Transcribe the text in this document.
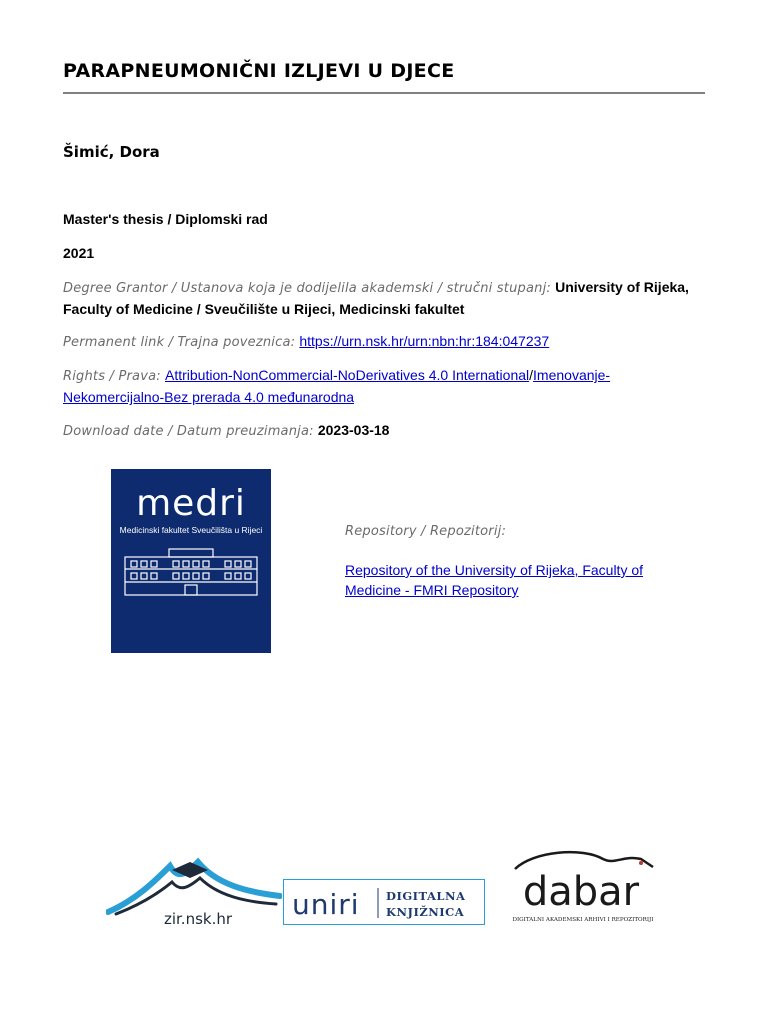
PARAPNEUMONIČNI IZLJEVI U DJECE
Šimić, Dora
Master's thesis / Diplomski rad
2021
Degree Grantor / Ustanova koja je dodijelila akademski / stručni stupanj: University of Rijeka, Faculty of Medicine / Sveučilište u Rijeci, Medicinski fakultet
Permanent link / Trajna poveznica: https://urn.nsk.hr/urn:nbn:hr:184:047237
Rights / Prava: Attribution-NonCommercial-NoDerivatives 4.0 International/Imenovanje-Nekomercijalno-Bez prerada 4.0 međunarodna
Download date / Datum preuzimanja: 2023-03-18
medri
Medicinski fakultet Sveučilišta u Rijeci	Repository / Repozitorij:
Repository of the University of Rijeka, Faculty of Medicine - FMRI Repository
zir.nsk.hr uniri DIGITALNA
KNJIŽNICA dabar
DIGITALNI AKADEMSKI ARHIVI I REPOZITORIJI
